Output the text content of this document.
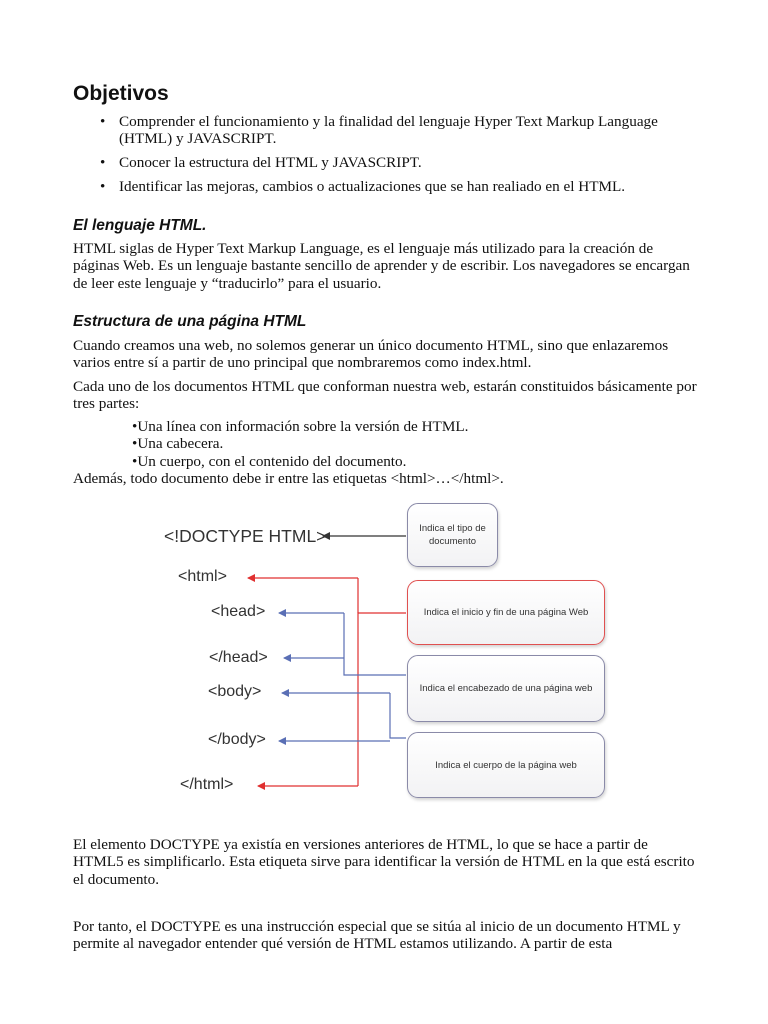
Objetivos
• Comprender el funcionamiento y la finalidad del lenguaje Hyper Text Markup Language (HTML) y JAVASCRIPT.
• Conocer la estructura del HTML y JAVASCRIPT.
• Identificar las mejoras, cambios o actualizaciones que se han realiado en el HTML.
El lenguaje HTML.

HTML siglas de Hyper Text Markup Language, es el lenguaje más utilizado para la creación de páginas Web. Es un lenguaje bastante sencillo de aprender y de escribir. Los navegadores se encargan de leer este lenguaje y “traducirlo” para el usuario.

Estructura de una página HTML

Cuando creamos una web, no solemos generar un único documento HTML, sino que enlazaremos varios entre sí a partir de uno principal que nombraremos como index.html.

Cada uno de los documentos HTML que conforman nuestra web, estarán constituidos básicamente por tres partes:

• Una línea con información sobre la versión de HTML.
• Una cabecera.
• Un cuerpo, con el contenido del documento.

Además, todo documento debe ir entre las etiquetas <html>…</html>.

<!DOCTYPE HTML>
<html>
<head>
</head>
<body>
</body>
</html>
Indica el tipo de documento
Indica el inicio y fin de una página Web
Indica el encabezado de una página web
Indica el cuerpo de la página web

El elemento DOCTYPE ya existía en versiones anteriores de HTML, lo que se hace a partir de HTML5 es simplificarlo. Esta etiqueta sirve para identificar la versión de HTML en la que está escrito el documento.

Por tanto, el DOCTYPE es una instrucción especial que se sitúa al inicio de un documento HTML y permite al navegador entender qué versión de HTML estamos utilizando. A partir de esta
